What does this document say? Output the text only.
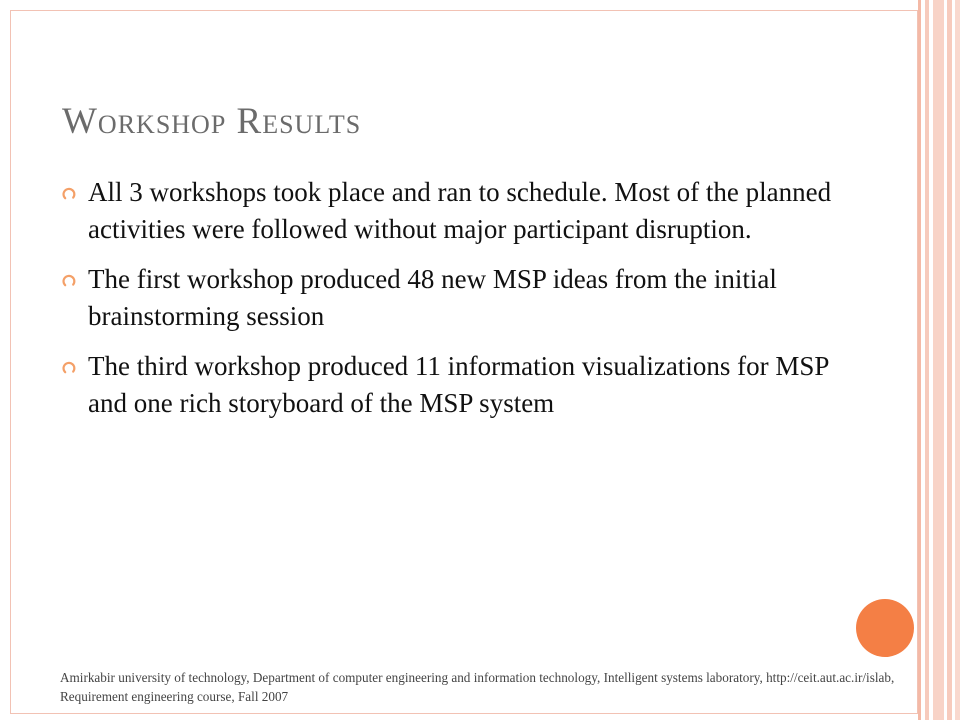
Workshop Results
All 3 workshops took place and ran to schedule. Most of the planned activities were followed without major participant disruption.
The first workshop produced 48 new MSP ideas from the initial brainstorming session
The third workshop produced 11 information visualizations for MSP and one rich storyboard of the MSP system
Amirkabir university of technology, Department of computer engineering and information technology, Intelligent systems laboratory, http://ceit.aut.ac.ir/islab, Requirement engineering course, Fall 2007
